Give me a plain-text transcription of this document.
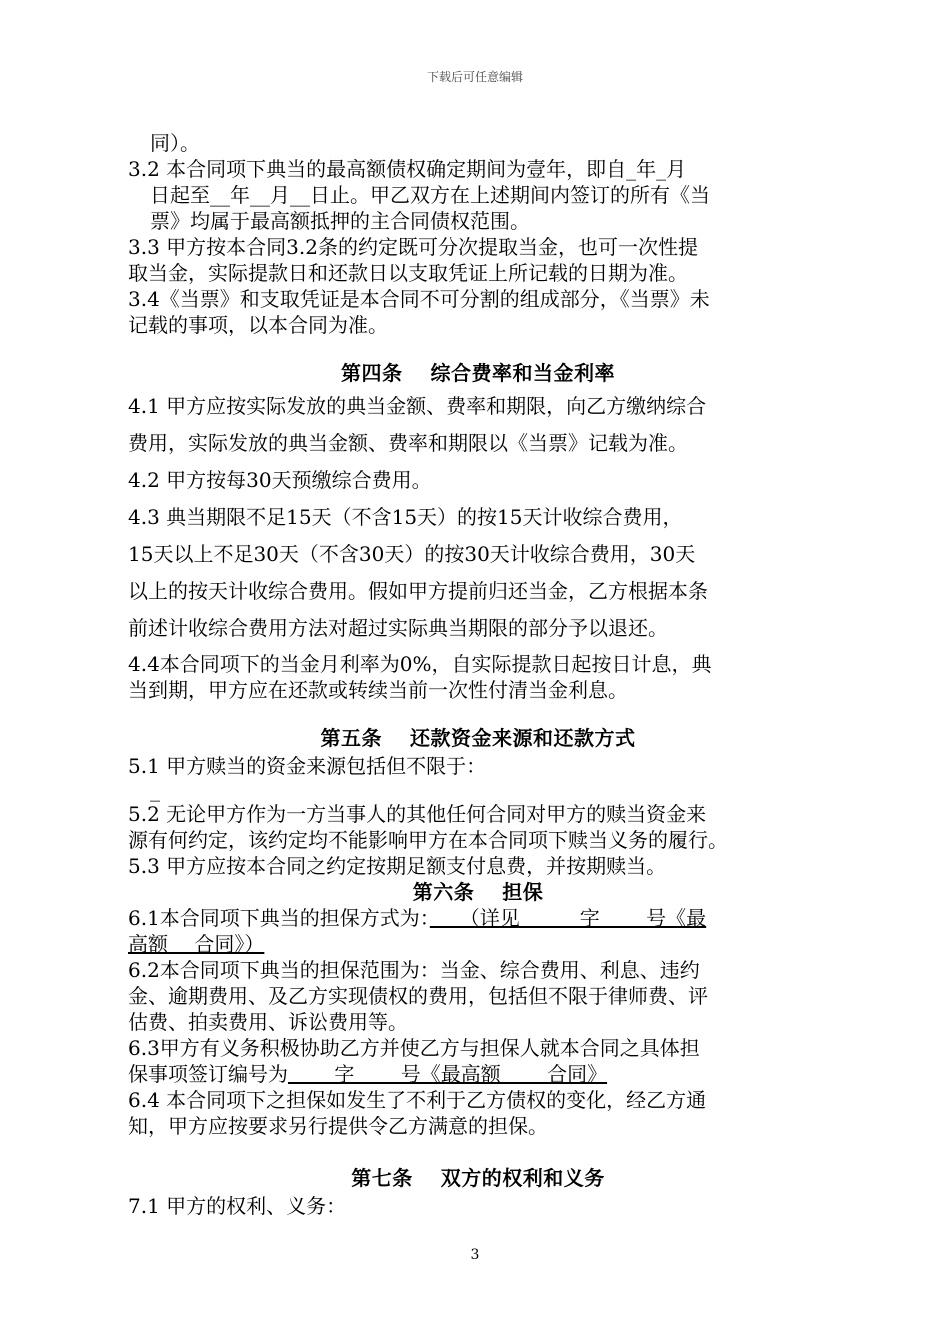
下载后可任意编辑

同）。

3.2 本合同项下典当的最高额债权确定期间为壹年，即自_年_月

日起至__年__月__日止。甲乙双方在上述期间内签订的所有《当

票》均属于最高额抵押的主合同债权范围。

3.3 甲方按本合同3.2条的约定既可分次提取当金，也可一次性提

取当金，实际提款日和还款日以支取凭证上所记载的日期为准。

3.4《当票》和支取凭证是本合同不可分割的组成部分，《当票》未

记载的事项，以本合同为准。

第四条　 综合费率和当金利率

4.1 甲方应按实际发放的典当金额、费率和期限，向乙方缴纳综合

费用，实际发放的典当金额、费率和期限以《当票》记载为准。

4.2 甲方按每30天预缴综合费用。

4.3 典当期限不足15天（不含15天）的按15天计收综合费用，

15天以上不足30天（不含30天）的按30天计收综合费用，30天

以上的按天计收综合费用。假如甲方提前归还当金，乙方根据本条

前述计收综合费用方法对超过实际典当期限的部分予以退还。

4.4本合同项下的当金月利率为0%，自实际提款日起按日计息，典

当到期，甲方应在还款或转续当前一次性付清当金利息。

第五条　 还款资金来源和还款方式

5.1 甲方赎当的资金来源包括但不限于：

_

5.2 无论甲方作为一方当事人的其他任何合同对甲方的赎当资金来

源有何约定，该约定均不能影响甲方在本合同项下赎当义务的履行。

5.3 甲方应按本合同之约定按期足额支付息费，并按期赎当。

第六条　 担保

6.1本合同项下典当的担保方式为：　　（详见　　　字　　 号《最

高额　 合同》）

6.2本合同项下典当的担保范围为：当金、综合费用、利息、违约

金、逾期费用、及乙方实现债权的费用，包括但不限于律师费、评

估费、拍卖费用、诉讼费用等。

6.3甲方有义务积极协助乙方并使乙方与担保人就本合同之具体担

保事项签订编号为　　 字　　 号《最高额　　 合同》

6.4 本合同项下之担保如发生了不利于乙方债权的变化，经乙方通

知，甲方应按要求另行提供令乙方满意的担保。

第七条　 双方的权利和义务

7.1 甲方的权利、义务：

3
